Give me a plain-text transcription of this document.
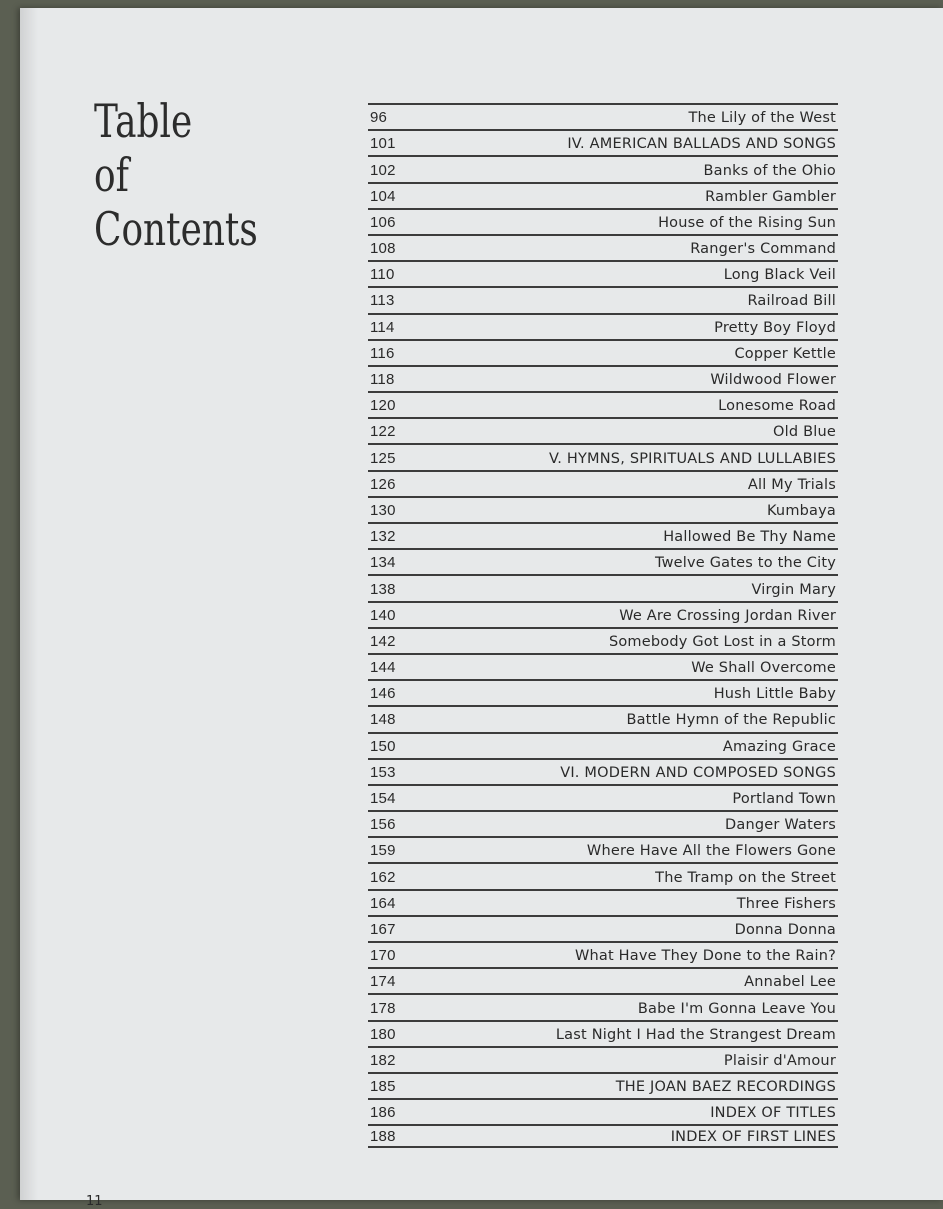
Table
of
Contents
96	The Lily of the West
101	IV. AMERICAN BALLADS AND SONGS
102	Banks of the Ohio
104	Rambler Gambler
106	House of the Rising Sun
108	Ranger's Command
110	Long Black Veil
113	Railroad Bill
114	Pretty Boy Floyd
116	Copper Kettle
118	Wildwood Flower
120	Lonesome Road
122	Old Blue
125	V. HYMNS, SPIRITUALS AND LULLABIES
126	All My Trials
130	Kumbaya
132	Hallowed Be Thy Name
134	Twelve Gates to the City
138	Virgin Mary
140	We Are Crossing Jordan River
142	Somebody Got Lost in a Storm
144	We Shall Overcome
146	Hush Little Baby
148	Battle Hymn of the Republic
150	Amazing Grace
153	VI. MODERN AND COMPOSED SONGS
154	Portland Town
156	Danger Waters
159	Where Have All the Flowers Gone
162	The Tramp on the Street
164	Three Fishers
167	Donna Donna
170	What Have They Done to the Rain?
174	Annabel Lee
178	Babe I'm Gonna Leave You
180	Last Night I Had the Strangest Dream
182	Plaisir d'Amour
185	THE JOAN BAEZ RECORDINGS
186	INDEX OF TITLES
188	INDEX OF FIRST LINES
11
